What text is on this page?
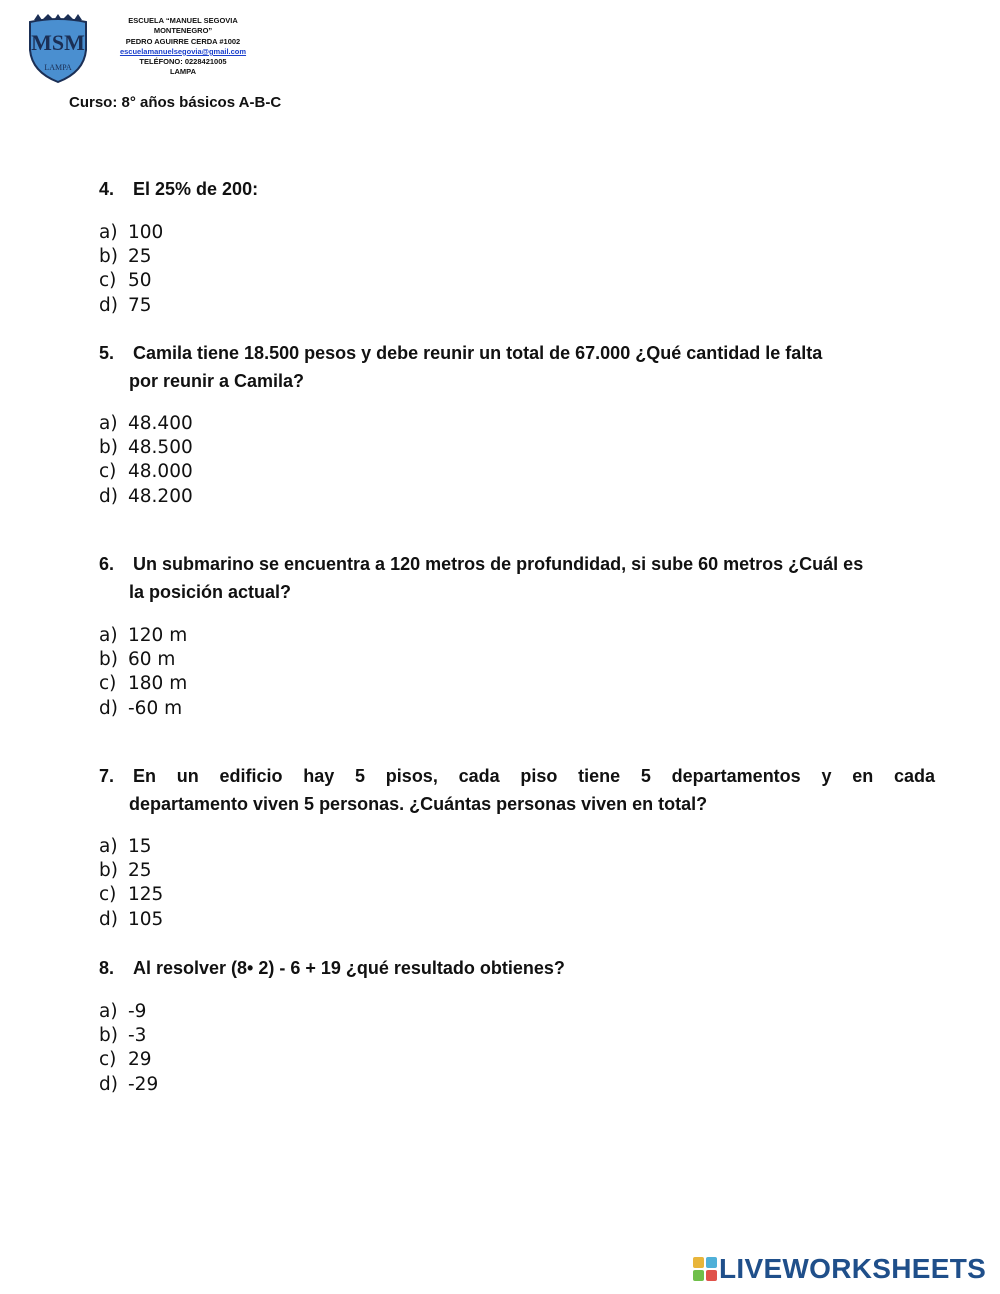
MSM
LAMPA
ESCUELA “MANUEL SEGOVIA
MONTENEGRO”
PEDRO AGUIRRE CERDA #1002
escuelamanuelsegovia@gmail.com
TELÉFONO: 0228421005
LAMPA
Curso: 8° años básicos A-B-C
4. El 25% de 200:
a) 100
b) 25
c) 50
d) 75
5. Camila tiene 18.500 pesos y debe reunir un total de 67.000 ¿Qué cantidad le falta
por reunir a Camila?
a) 48.400
b) 48.500
c) 48.000
d) 48.200
6. Un submarino se encuentra a 120 metros de profundidad, si sube 60 metros ¿Cuál es
la posición actual?
a) 120 m
b) 60 m
c) 180 m
d) -60 m
7.	En un edificio hay 5 pisos, cada piso tiene 5 departamentos y en cada
departamento viven 5 personas. ¿Cuántas personas viven en total?
a) 15
b) 25
c) 125
d) 105
8. Al resolver (8• 2) - 6 + 19 ¿qué resultado obtienes?
a) -9
b) -3
c) 29
d) -29
LIVEWORKSHEETS
